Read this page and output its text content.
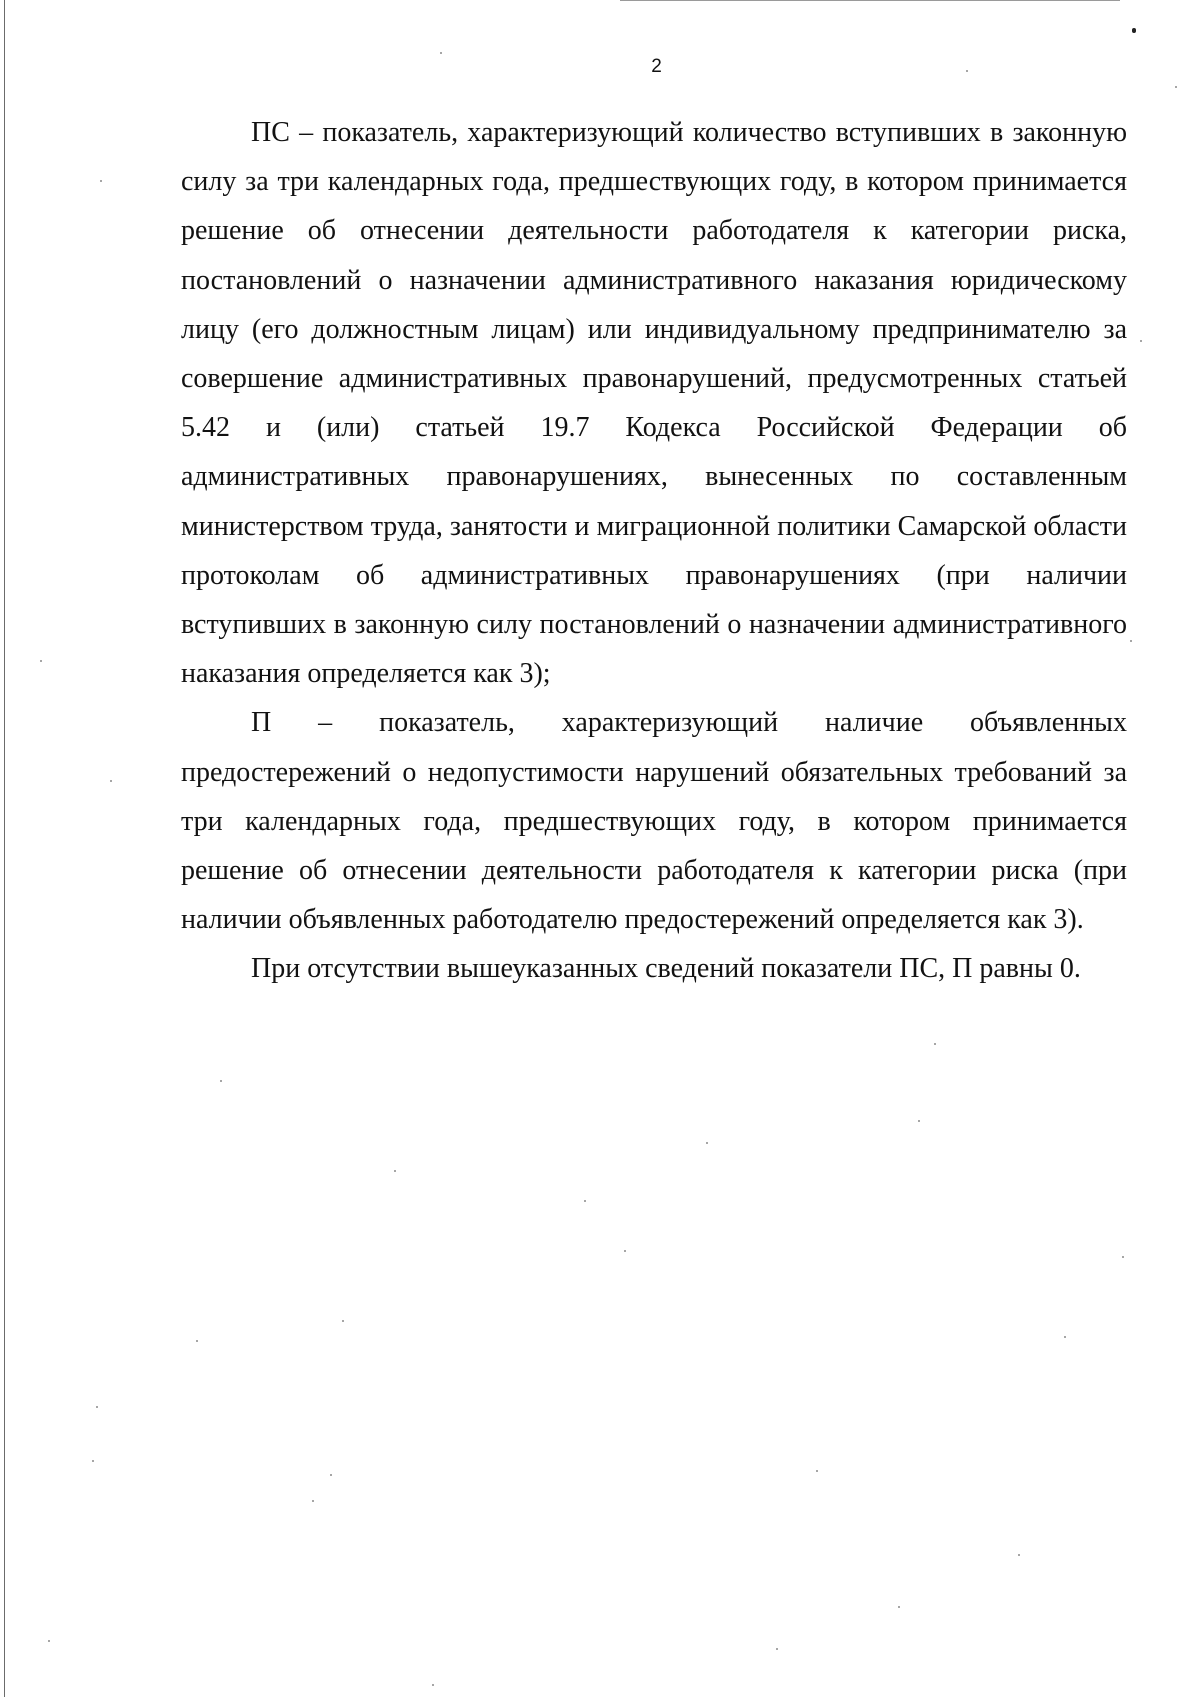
2

ПС – показатель, характеризующий количество вступивших в законную силу за три календарных года, предшествующих году, в котором принимается решение об отнесении деятельности работодателя к категории риска, постановлений о назначении административного наказания юридическому лицу (его должностным лицам) или индивидуальному предпринимателю за совершение административных правонарушений, предусмотренных статьей 5.42 и (или) статьей 19.7 Кодекса Российской Федерации об административных правонарушениях, вынесенных по составленным министерством труда, занятости и миграционной политики Самарской области протоколам об административных правонарушениях (при наличии вступивших в законную силу постановлений о назначении административного наказания определяется как 3);

П – показатель, характеризующий наличие объявленных предостережений о недопустимости нарушений обязательных требований за три календарных года, предшествующих году, в котором принимается решение об отнесении деятельности работодателя к категории риска (при наличии объявленных работодателю предостережений определяется как 3).

При отсутствии вышеуказанных сведений показатели ПС, П равны 0.
